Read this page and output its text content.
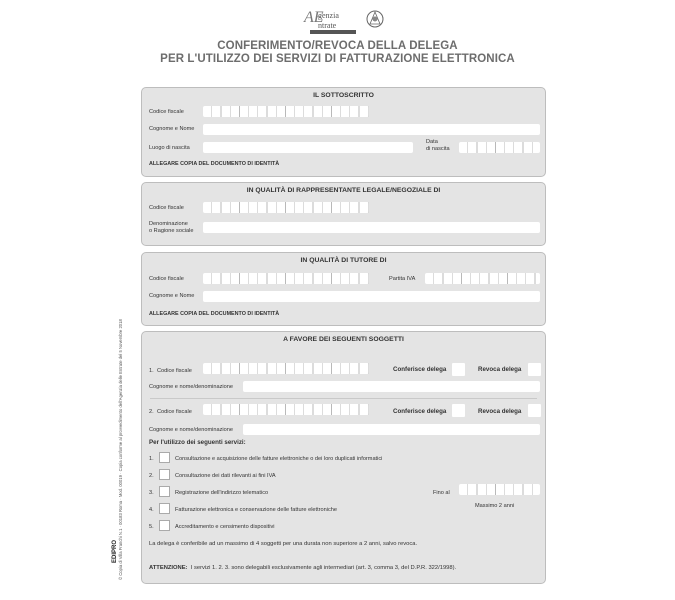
AE
genzia
ntrate
CONFERIMENTO/REVOCA DELLA DELEGA
PER L'UTILIZZO DEI SERVIZI DI FATTURAZIONE ELETTRONICA
© Copia di Villa Franchi N.1 · 00183 Roma · Mod. 00019 · Copia conforme al provvedimento dell'Agenzia delle Entrate del 5 Novembre 2018
EDIPRO
IL SOTTOSCRITTO
Codice fiscale
Cognome e Nome
Luogo di nascita
Data
di nascita
ALLEGARE COPIA DEL DOCUMENTO DI IDENTITÀ
IN QUALITÀ DI RAPPRESENTANTE LEGALE/NEGOZIALE DI
Codice fiscale
Denominazione
o Ragione sociale
IN QUALITÀ DI TUTORE DI
Codice fiscale	Partita IVA
Cognome e Nome
ALLEGARE COPIA DEL DOCUMENTO DI IDENTITÀ
A FAVORE DEI SEGUENTI SOGGETTI
1. Codice fiscale	Conferisce delega	Revoca delega
Cognome e nome/denominazione
2. Codice fiscale	Conferisce delega	Revoca delega
Cognome e nome/denominazione
Per l'utilizzo dei seguenti servizi:
1.	Consultazione e acquisizione delle fatture elettroniche o dei loro duplicati informatici
2.	Consultazione dei dati rilevanti ai fini IVA
3.	Registrazione dell'indirizzo telematico	Fino al
Massimo 2 anni
4.	Fatturazione elettronica e conservazione delle fatture elettroniche
5.	Accreditamento e censimento dispositivi
La delega è conferibile ad un massimo di 4 soggetti per una durata non superiore a 2 anni, salvo revoca.
ATTENZIONE: I servizi 1. 2. 3. sono delegabili esclusivamente agli intermediari (art. 3, comma 3, del D.P.R. 322/1998).
